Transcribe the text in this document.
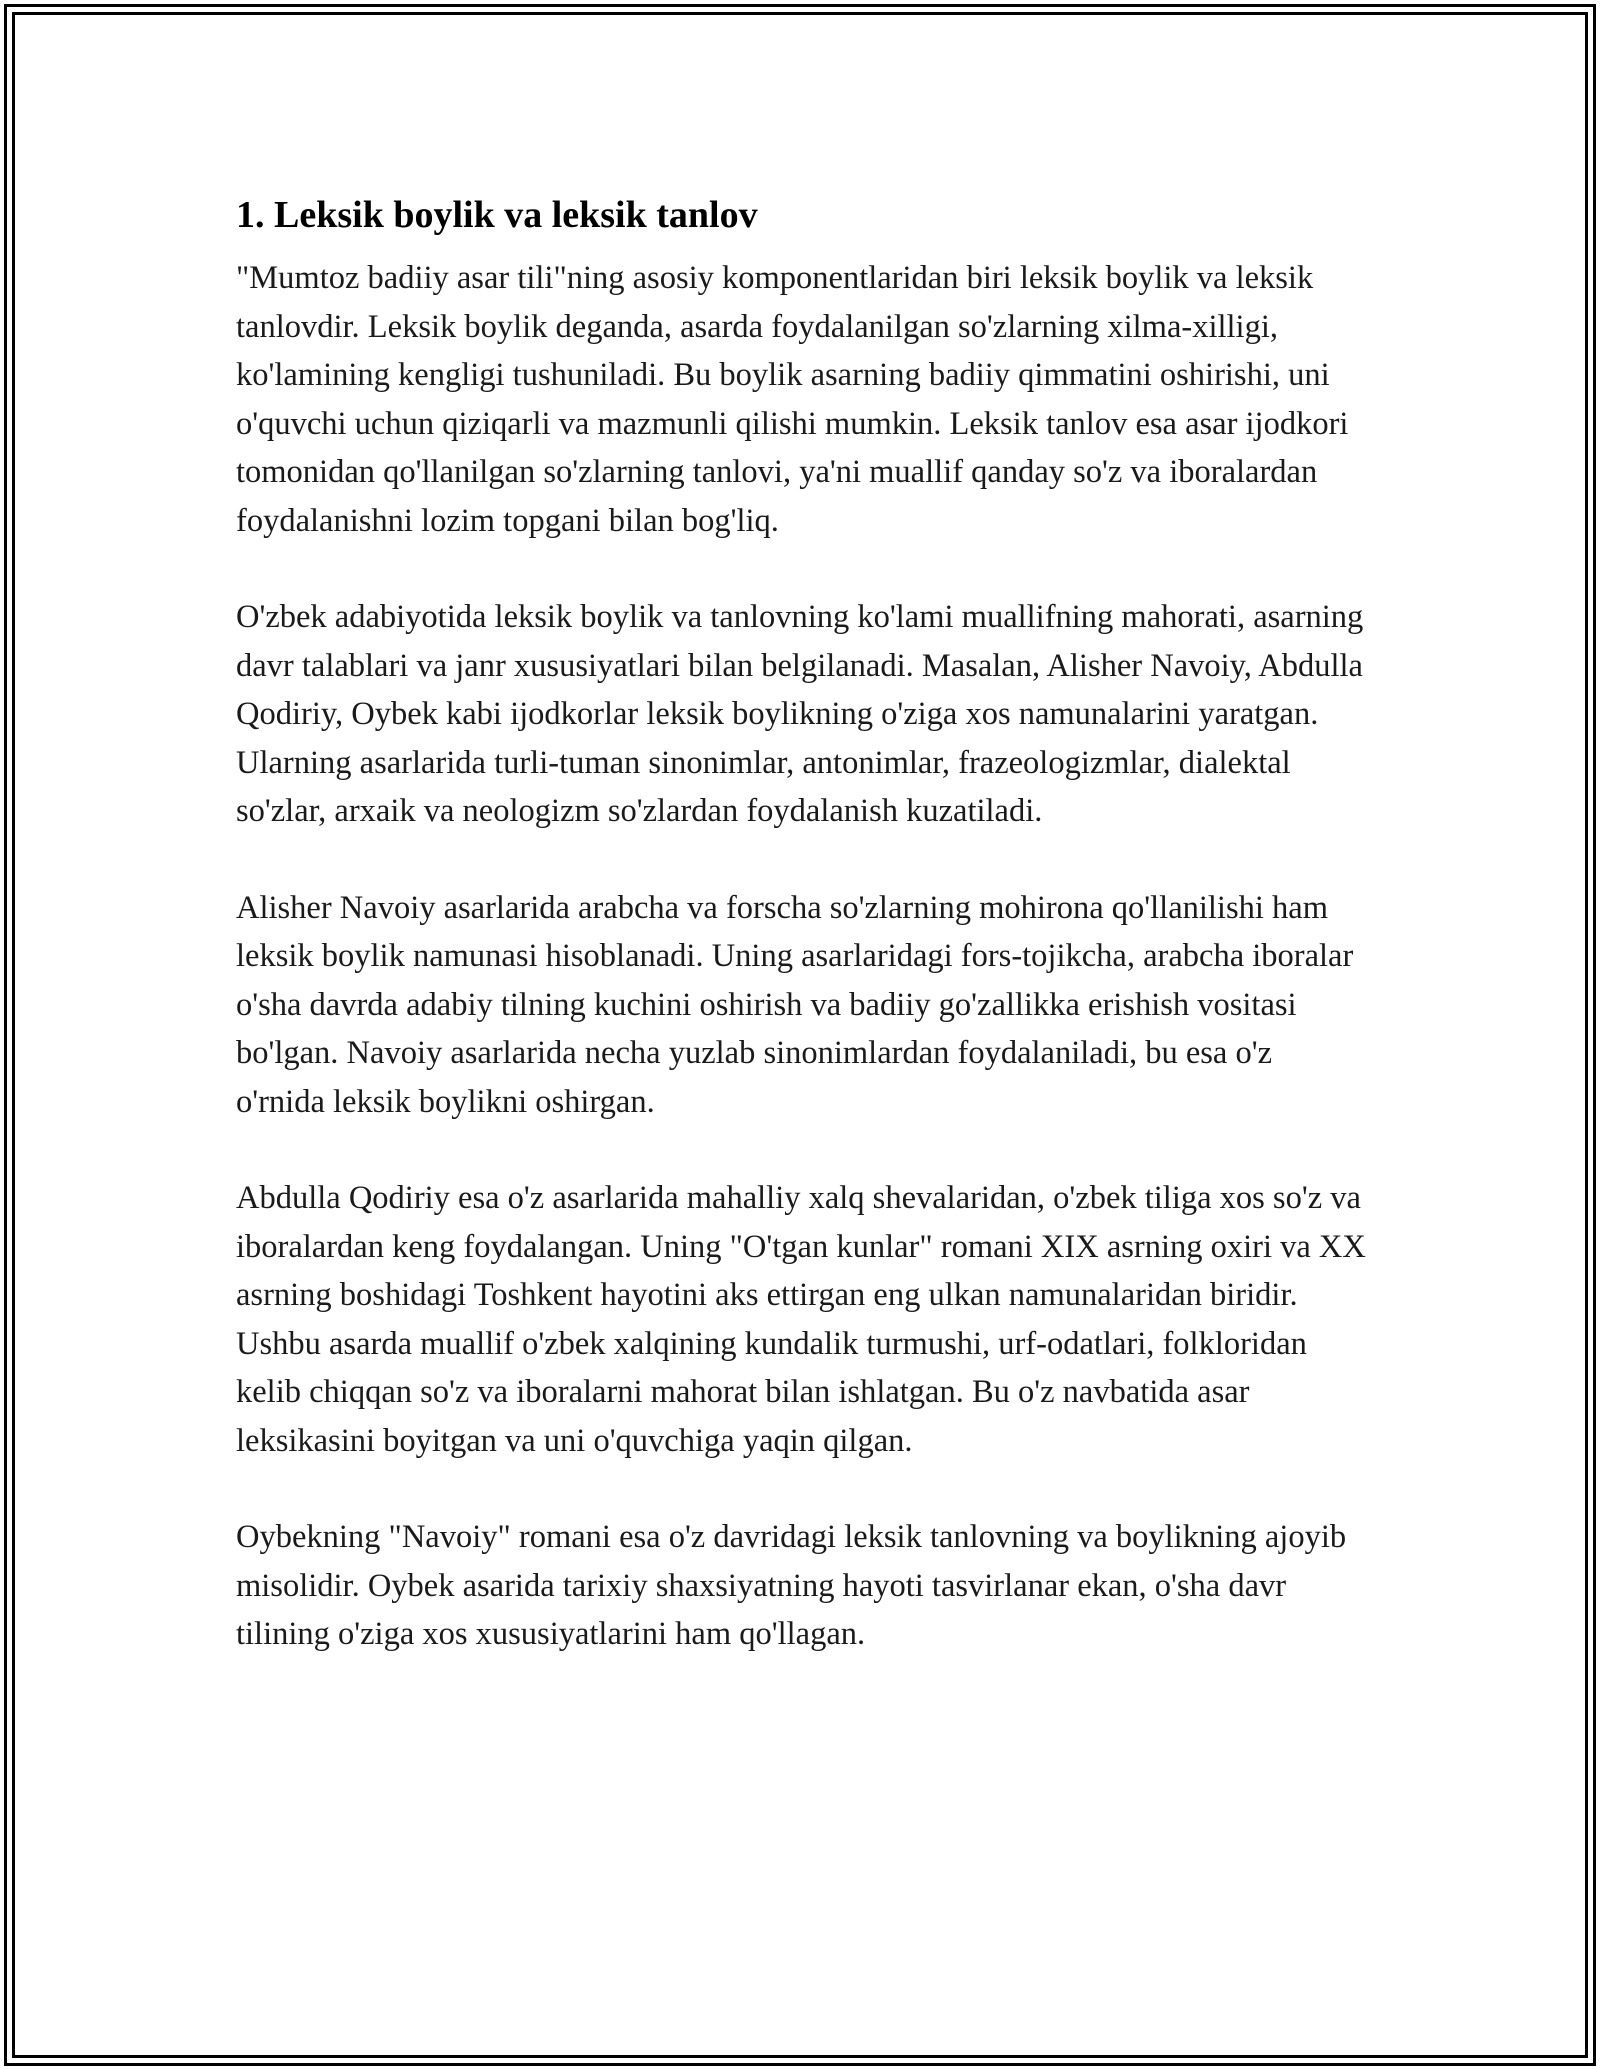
1. Leksik boylik va leksik tanlov

"Mumtoz badiiy asar tili"ning asosiy komponentlaridan biri leksik boylik va leksik tanlovdir. Leksik boylik deganda, asarda foydalanilgan so'zlarning xilma-xilligi, ko'lamining kengligi tushuniladi. Bu boylik asarning badiiy qimmatini oshirishi, uni o'quvchi uchun qiziqarli va mazmunli qilishi mumkin. Leksik tanlov esa asar ijodkori tomonidan qo'llanilgan so'zlarning tanlovi, ya'ni muallif qanday so'z va iboralardan foydalanishni lozim topgani bilan bog'liq.

O'zbek adabiyotida leksik boylik va tanlovning ko'lami muallifning mahorati, asarning davr talablari va janr xususiyatlari bilan belgilanadi. Masalan, Alisher Navoiy, Abdulla Qodiriy, Oybek kabi ijodkorlar leksik boylikning o'ziga xos namunalarini yaratgan. Ularning asarlarida turli-tuman sinonimlar, antonimlar, frazeologizmlar, dialektal so'zlar, arxaik va neologizm so'zlardan foydalanish kuzatiladi.

Alisher Navoiy asarlarida arabcha va forscha so'zlarning mohirona qo'llanilishi ham leksik boylik namunasi hisoblanadi. Uning asarlaridagi fors-tojikcha, arabcha iboralar o'sha davrda adabiy tilning kuchini oshirish va badiiy go'zallikka erishish vositasi bo'lgan. Navoiy asarlarida necha yuzlab sinonimlardan foydalaniladi, bu esa o'z o'rnida leksik boylikni oshirgan.

Abdulla Qodiriy esa o'z asarlarida mahalliy xalq shevalaridan, o'zbek tiliga xos so'z va iboralardan keng foydalangan. Uning "O'tgan kunlar" romani XIX asrning oxiri va XX asrning boshidagi Toshkent hayotini aks ettirgan eng ulkan namunalaridan biridir. Ushbu asarda muallif o'zbek xalqining kundalik turmushi, urf-odatlari, folkloridan kelib chiqqan so'z va iboralarni mahorat bilan ishlatgan. Bu o'z navbatida asar leksikasini boyitgan va uni o'quvchiga yaqin qilgan.

Oybekning "Navoiy" romani esa o'z davridagi leksik tanlovning va boylikning ajoyib misolidir. Oybek asarida tarixiy shaxsiyatning hayoti tasvirlanar ekan, o'sha davr tilining o'ziga xos xususiyatlarini ham qo'llagan.
